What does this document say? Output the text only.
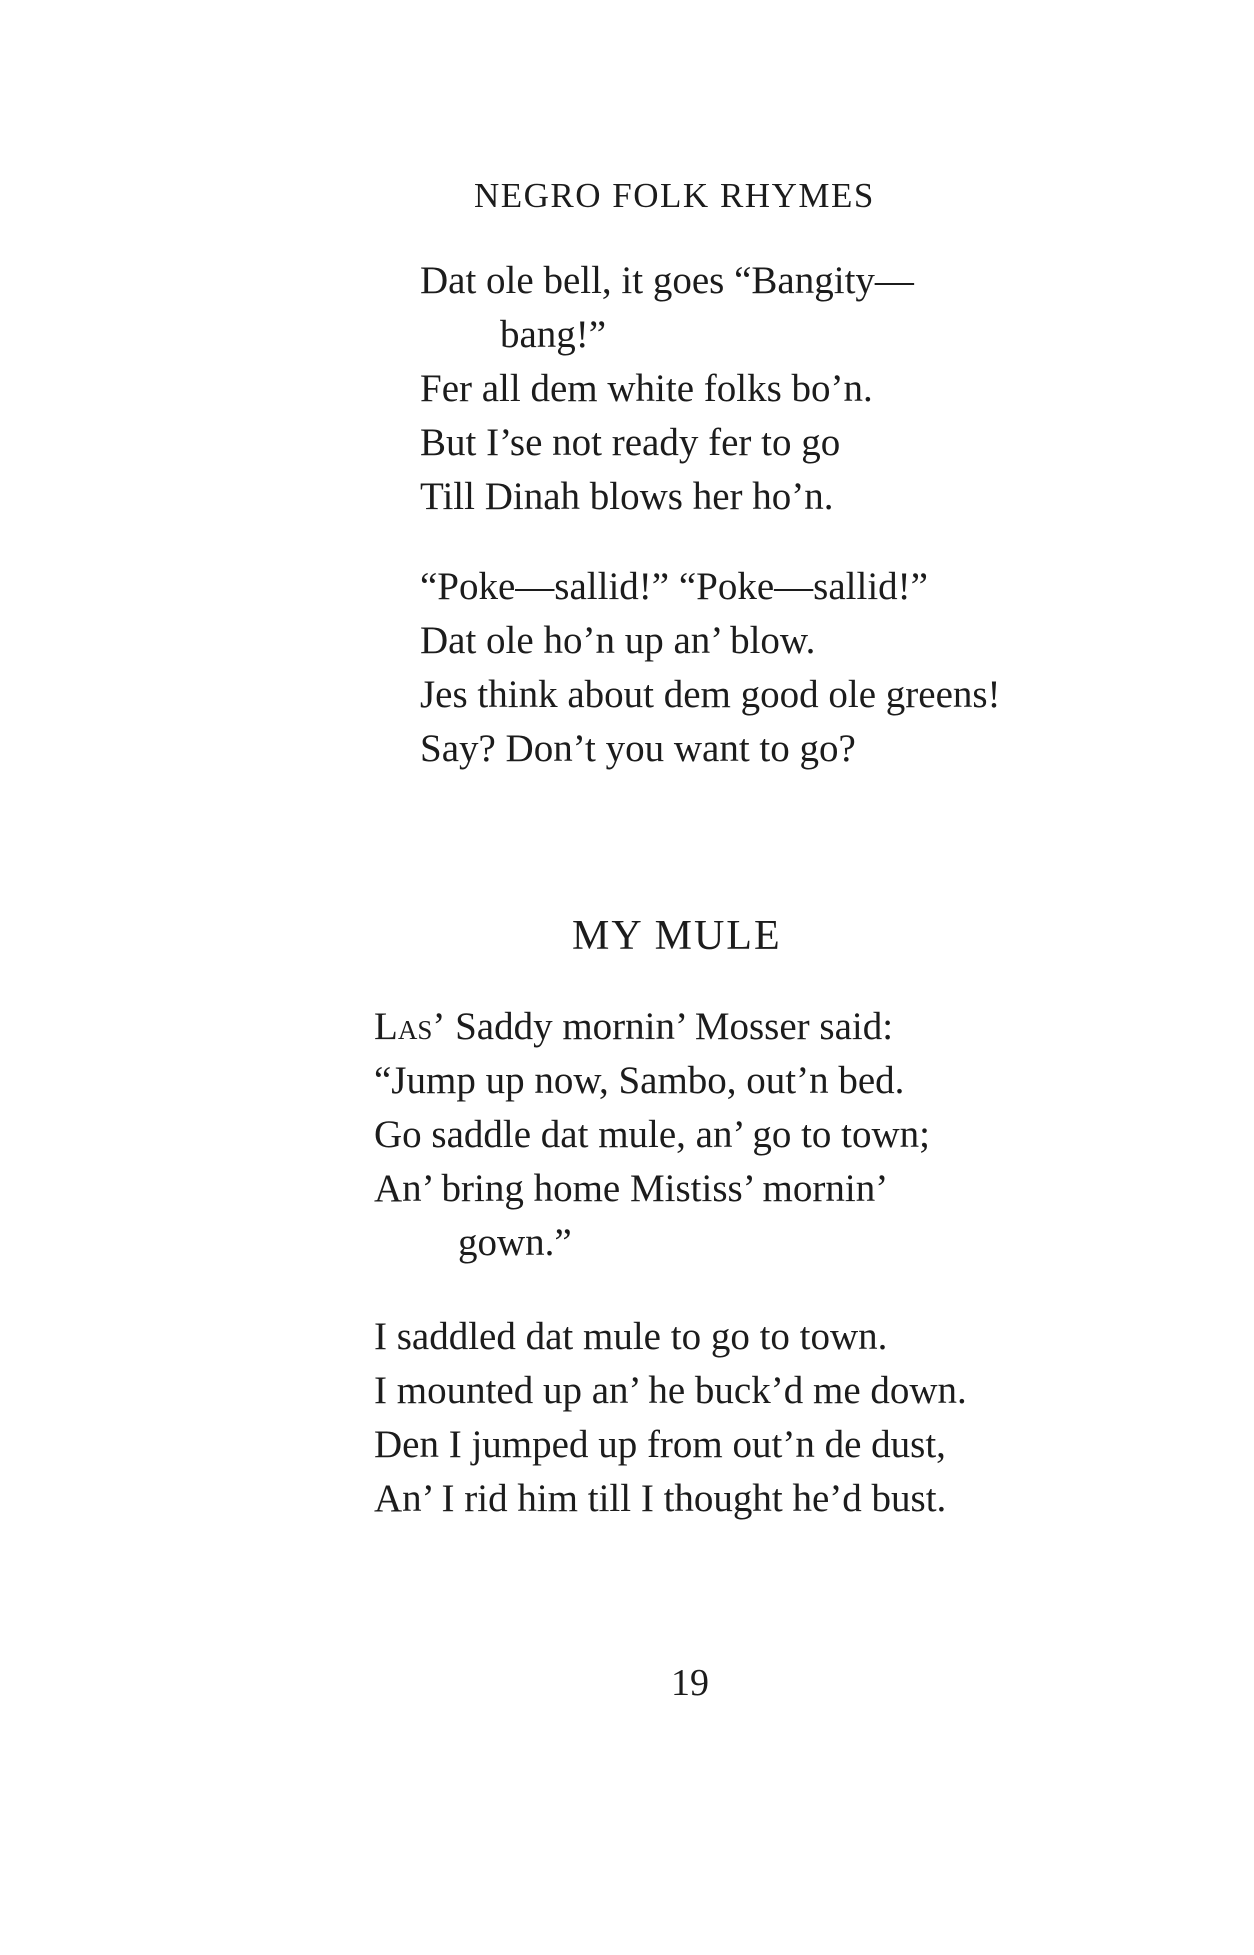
NEGRO FOLK RHYMES
Dat ole bell, it goes “Bangity—
bang!”
Fer all dem white folks bo’n.
But I’se not ready fer to go
Till Dinah blows her ho’n.
“Poke—sallid!” “Poke—sallid!”
Dat ole ho’n up an’ blow.
Jes think about dem good ole greens!
Say? Don’t you want to go?
MY MULE
Las’ Saddy mornin’ Mosser said:
“Jump up now, Sambo, out’n bed.
Go saddle dat mule, an’ go to town;
An’ bring home Mistiss’ mornin’
gown.”
I saddled dat mule to go to town.
I mounted up an’ he buck’d me down.
Den I jumped up from out’n de dust,
An’ I rid him till I thought he’d bust.
19
